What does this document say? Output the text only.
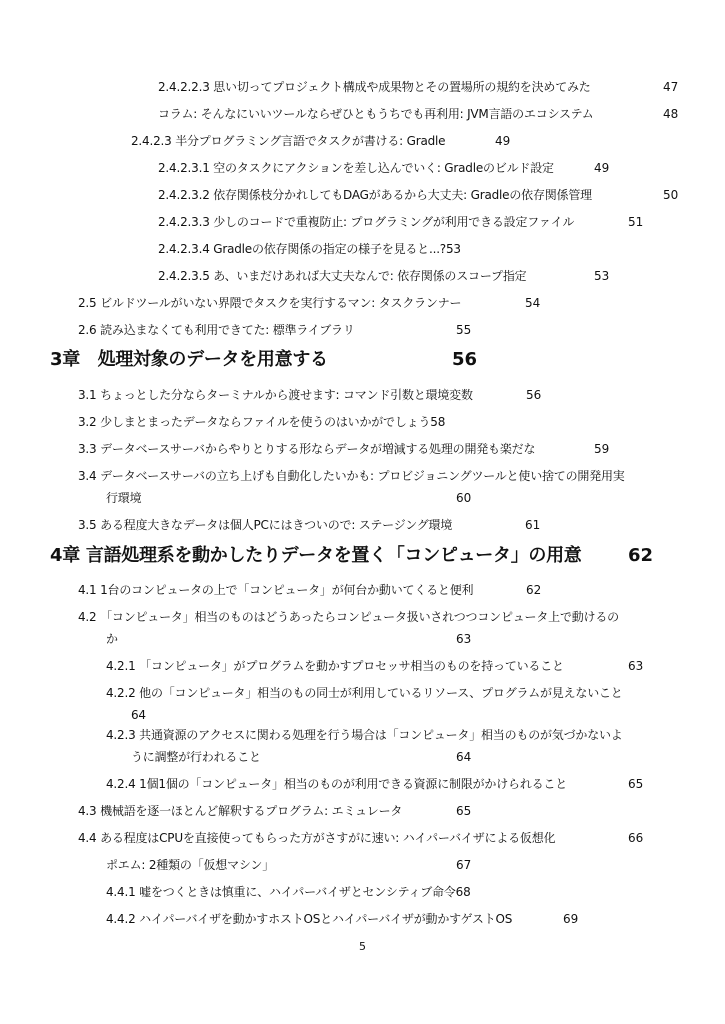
2.4.2.2.3 思い切ってプロジェクト構成や成果物とその置場所の規約を決めてみた	47
コラム: そんなにいいツールならぜひともうちでも再利用: JVM言語のエコシステム	48
2.4.2.3 半分プログラミング言語でタスクが書ける: Gradle	49
2.4.2.3.1 空のタスクにアクションを差し込んでいく: Gradleのビルド設定	49
2.4.2.3.2 依存関係枝分かれしてもDAGがあるから大丈夫: Gradleの依存関係管理	50
2.4.2.3.3 少しのコードで重複防止: プログラミングが利用できる設定ファイル	51
2.4.2.3.4 Gradleの依存関係の指定の様子を見ると...?53
2.4.2.3.5 あ、いまだけあれば大丈夫なんで: 依存関係のスコープ指定	53
2.5 ビルドツールがいない界隈でタスクを実行するマン: タスクランナー	54
2.6 読み込まなくても利用できてた: 標準ライブラリ	55
3章　処理対象のデータを用意する	56
3.1 ちょっとした分ならターミナルから渡せます: コマンド引数と環境変数	56
3.2 少しまとまったデータならファイルを使うのはいかがでしょう58
3.3 データベースサーバからやりとりする形ならデータが増減する処理の開発も楽だな	59
3.4 データベースサーバの立ち上げも自動化したいかも: プロビジョニングツールと使い捨ての開発用実
行環境	60
3.5 ある程度大きなデータは個人PCにはきついので: ステージング環境	61
4章 言語処理系を動かしたりデータを置く「コンピュータ」の用意	62
4.1 1台のコンピュータの上で「コンピュータ」が何台か動いてくると便利	62
4.2 「コンピュータ」相当のものはどうあったらコンピュータ扱いされつつコンピュータ上で動けるの
か	63
4.2.1 「コンピュータ」がプログラムを動かすプロセッサ相当のものを持っていること	63
4.2.2 他の「コンピュータ」相当のもの同士が利用しているリソース、プログラムが見えないこと
64
4.2.3 共通資源のアクセスに関わる処理を行う場合は「コンピュータ」相当のものが気づかないよ
うに調整が行われること	64
4.2.4 1個1個の「コンピュータ」相当のものが利用できる資源に制限がかけられること	65
4.3 機械語を逐一ほとんど解釈するプログラム: エミュレータ	65
4.4 ある程度はCPUを直接使ってもらった方がさすがに速い: ハイパーバイザによる仮想化	66
ポエム: 2種類の「仮想マシン」	67
4.4.1 嘘をつくときは慎重に、ハイパーバイザとセンシティブ命令68
4.4.2 ハイパーバイザを動かすホストOSとハイパーバイザが動かすゲストOS	69
5
